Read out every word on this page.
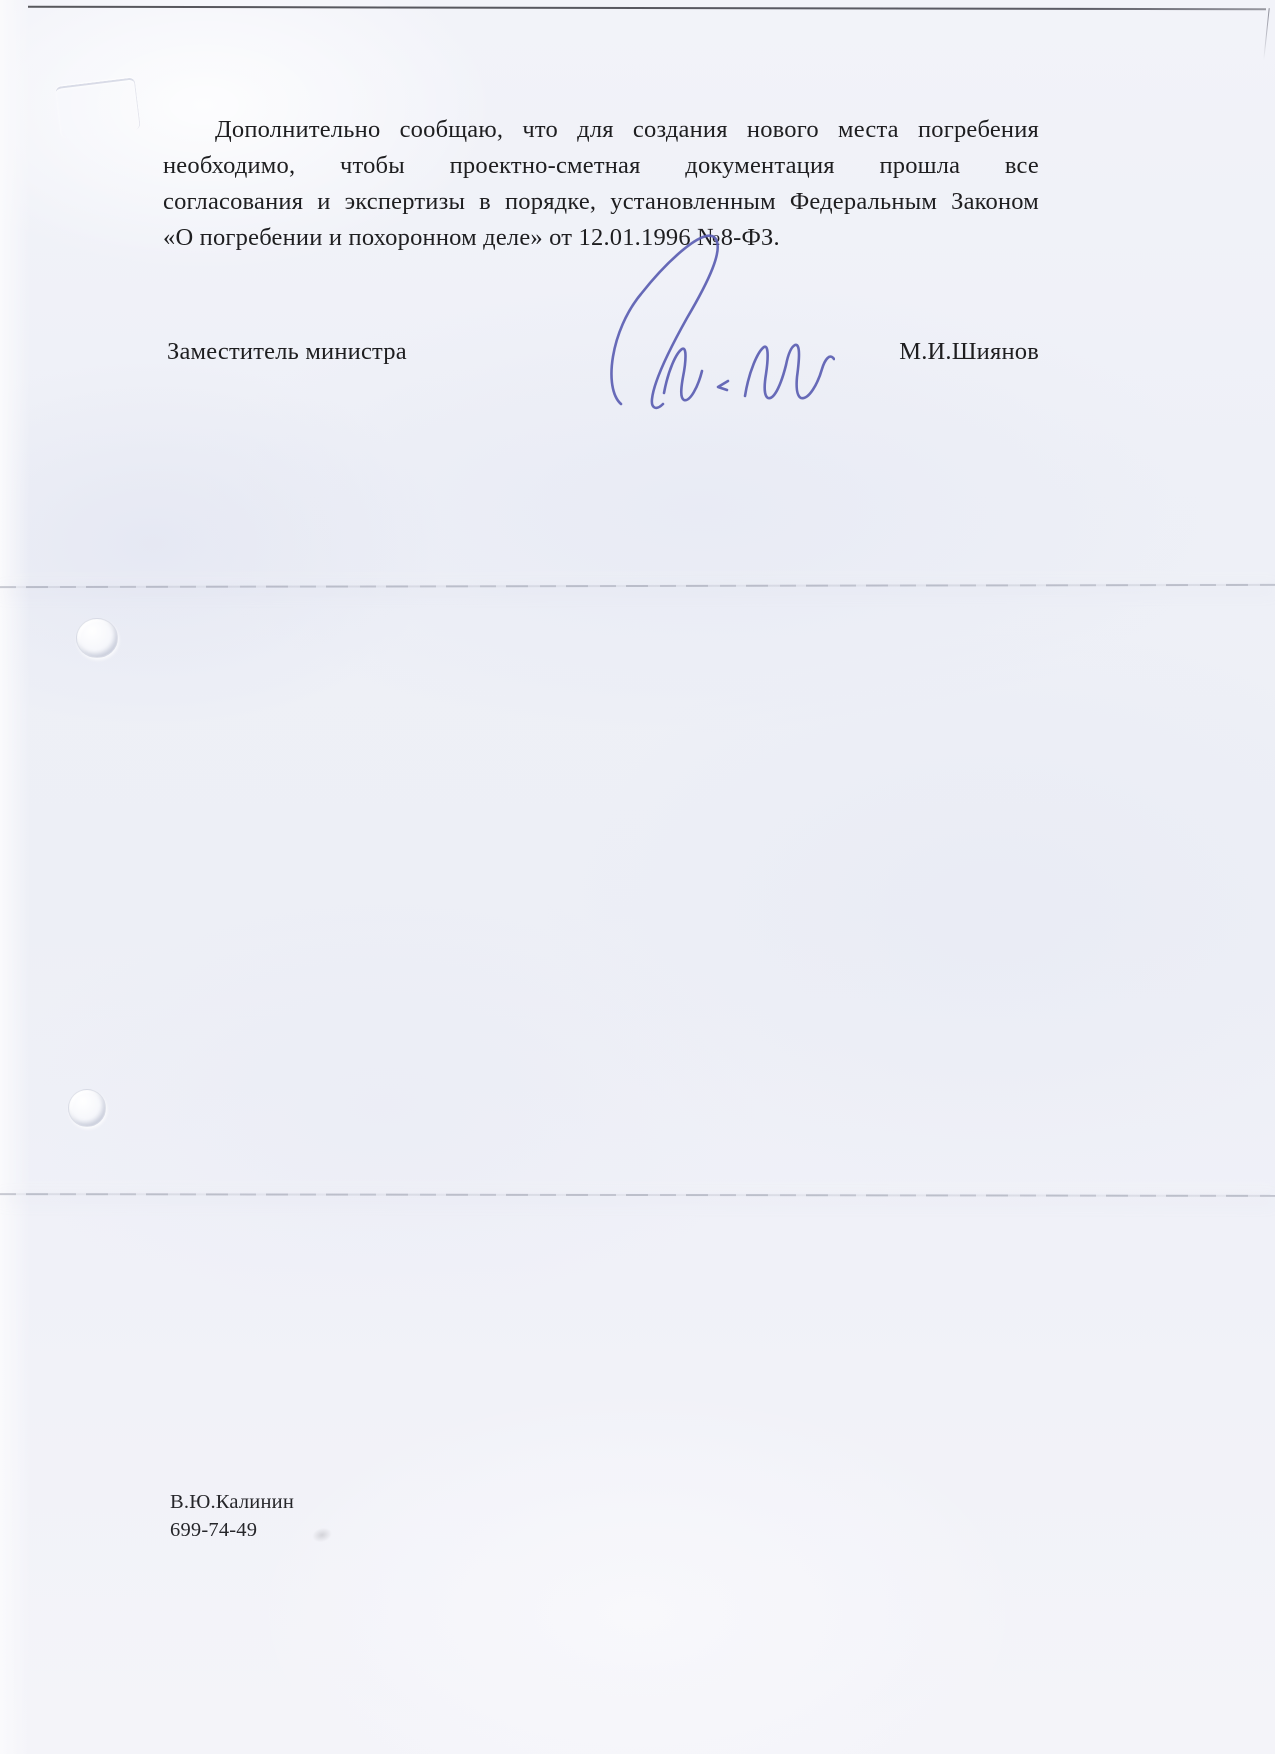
Дополнительно сообщаю, что для создания нового места погребения
необходимо, чтобы проектно-сметная документация прошла все
согласования и экспертизы в порядке, установленным Федеральным Законом
«О погребении и похоронном деле» от 12.01.1996 №8-ФЗ.
Заместитель министра	М.И.Шиянов
В.Ю.Калинин
699-74-49
